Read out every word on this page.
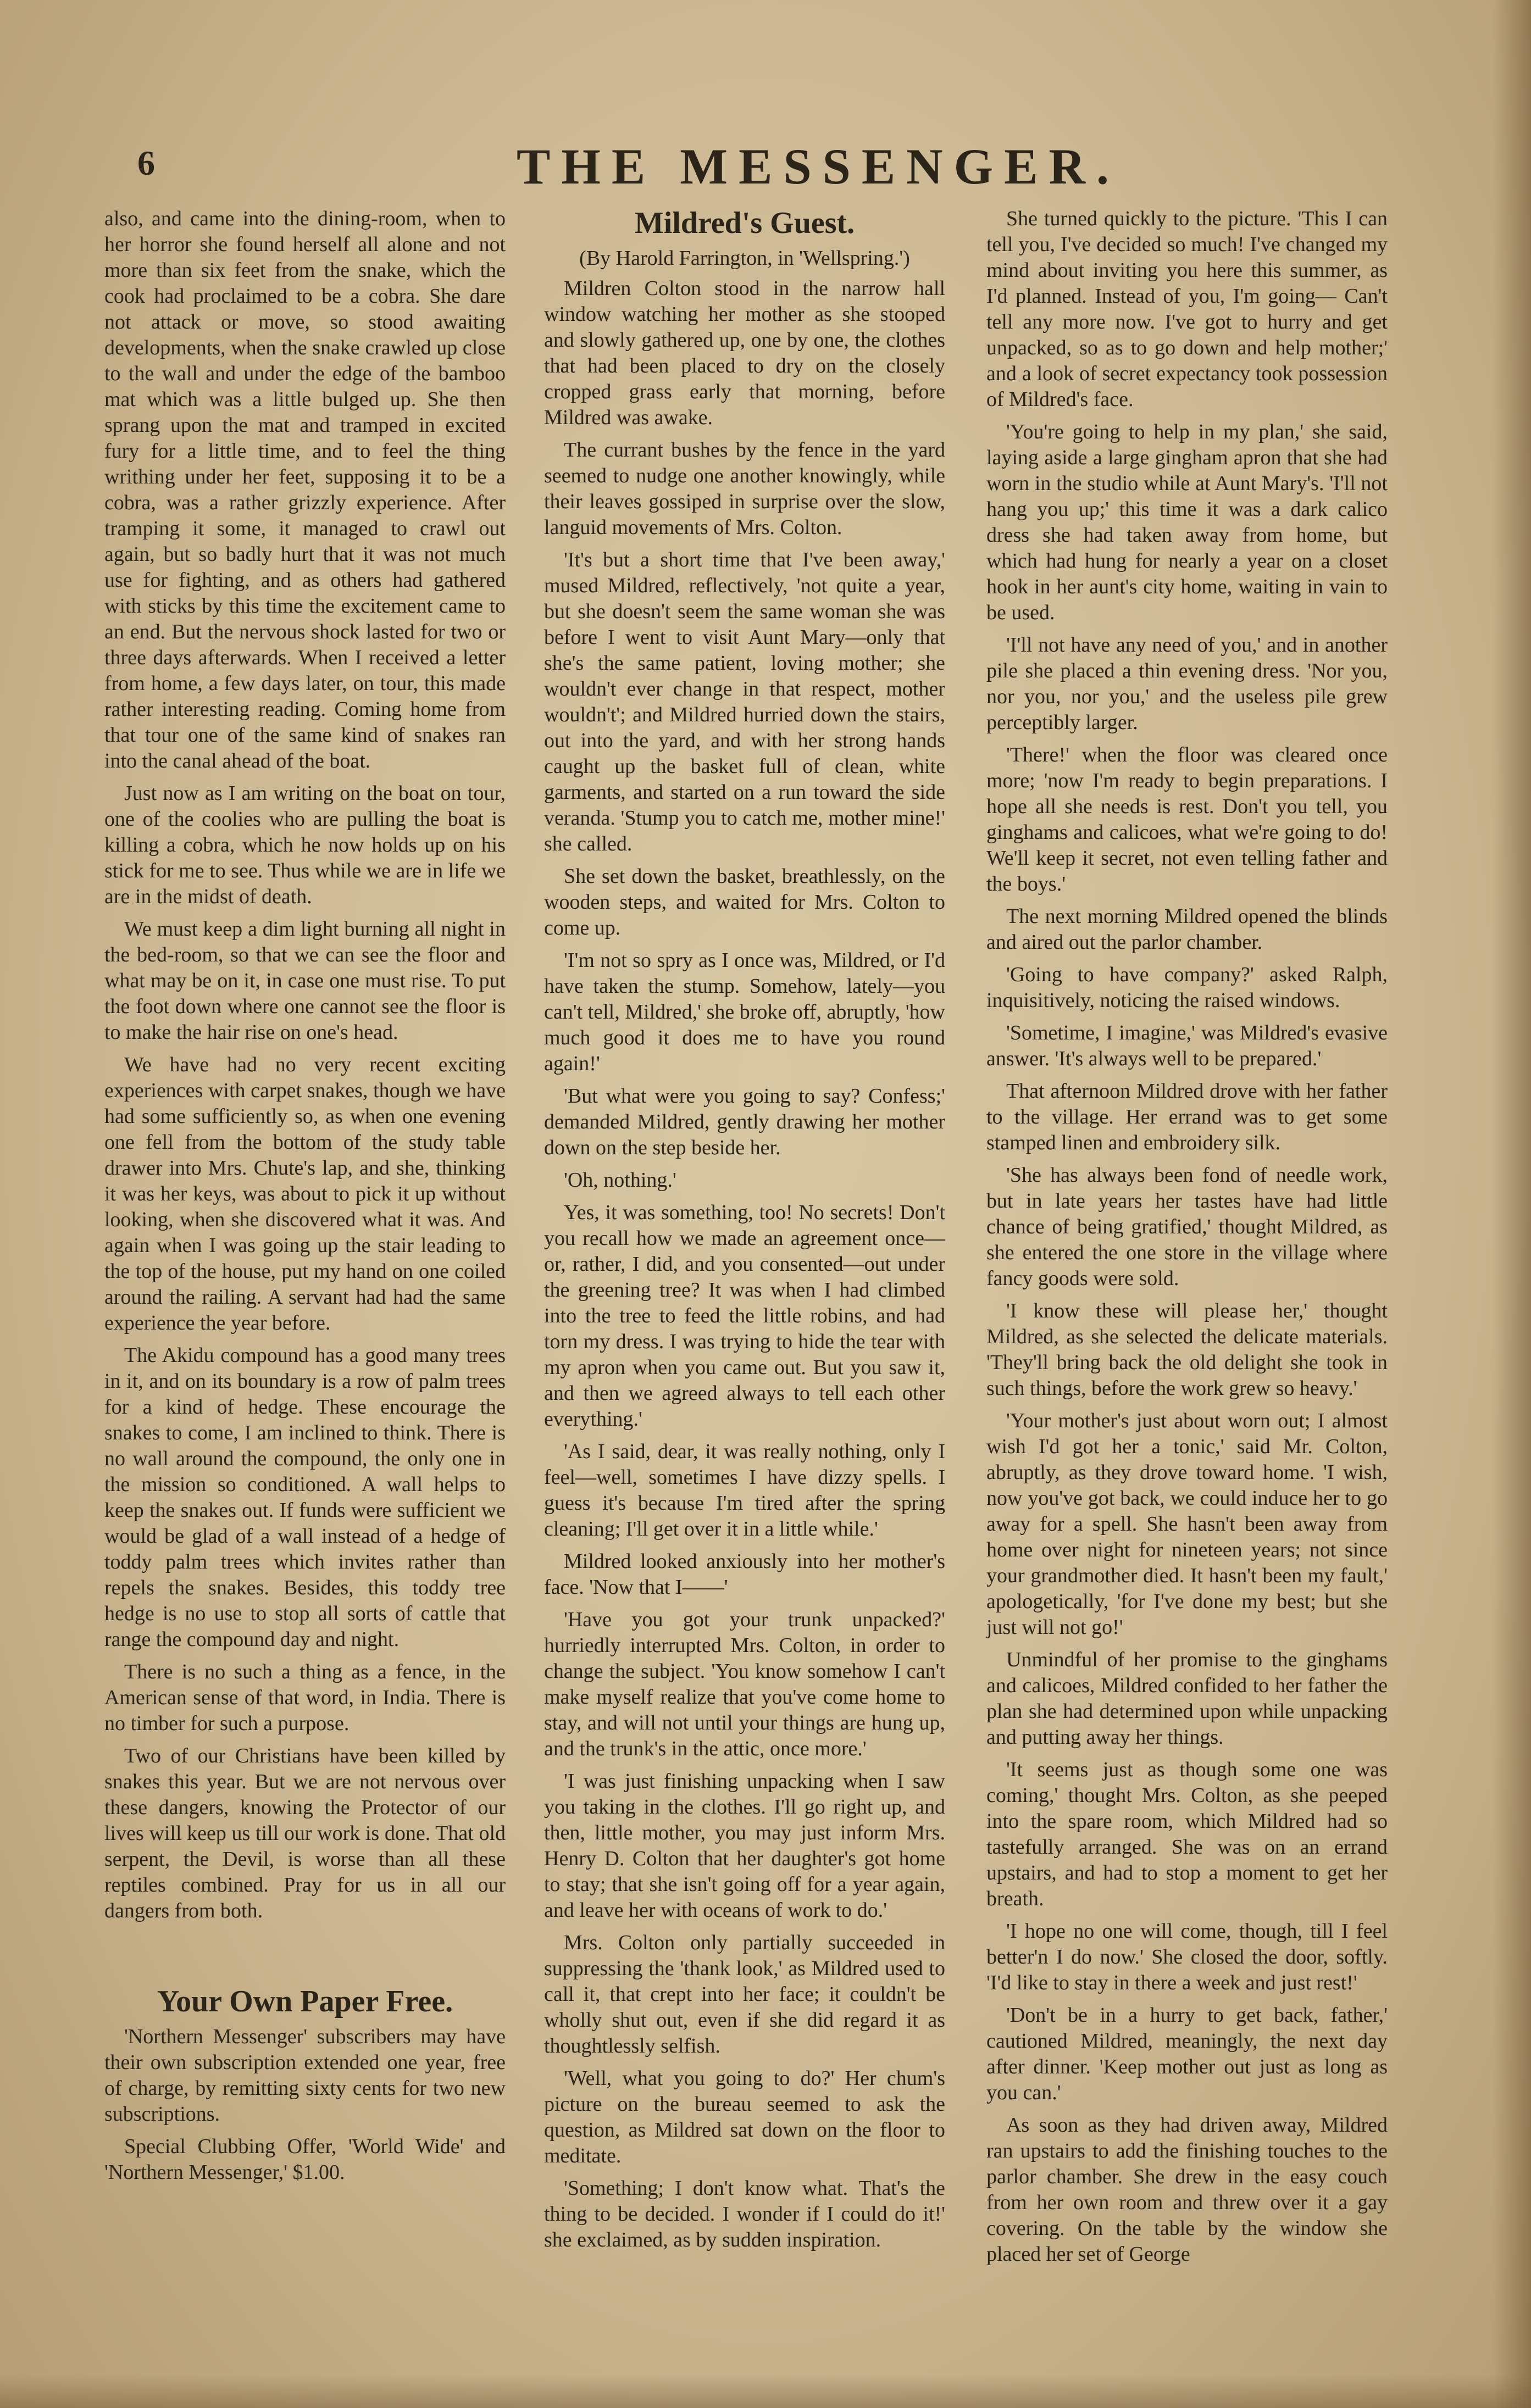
6	THE MESSENGER.

also, and came into the dining-room, when to her horror she found herself all alone and not more than six feet from the snake, which the cook had proclaimed to be a cobra. She dare not attack or move, so stood awaiting developments, when the snake crawled up close to the wall and under the edge of the bamboo mat which was a little bulged up. She then sprang upon the mat and tramped in excited fury for a little time, and to feel the thing writhing under her feet, supposing it to be a cobra, was a rather grizzly experience. After tramping it some, it managed to crawl out again, but so badly hurt that it was not much use for fighting, and as others had gathered with sticks by this time the excitement came to an end. But the nervous shock lasted for two or three days afterwards. When I received a letter from home, a few days later, on tour, this made rather interesting reading. Coming home from that tour one of the same kind of snakes ran into the canal ahead of the boat.

Just now as I am writing on the boat on tour, one of the coolies who are pulling the boat is killing a cobra, which he now holds up on his stick for me to see. Thus while we are in life we are in the midst of death.

We must keep a dim light burning all night in the bed-room, so that we can see the floor and what may be on it, in case one must rise. To put the foot down where one cannot see the floor is to make the hair rise on one's head.

We have had no very recent exciting experiences with carpet snakes, though we have had some sufficiently so, as when one evening one fell from the bottom of the study table drawer into Mrs. Chute's lap, and she, thinking it was her keys, was about to pick it up without looking, when she discovered what it was. And again when I was going up the stair leading to the top of the house, put my hand on one coiled around the railing. A servant had had the same experience the year before.

The Akidu compound has a good many trees in it, and on its boundary is a row of palm trees for a kind of hedge. These encourage the snakes to come, I am inclined to think. There is no wall around the compound, the only one in the mission so conditioned. A wall helps to keep the snakes out. If funds were sufficient we would be glad of a wall instead of a hedge of toddy palm trees which invites rather than repels the snakes. Besides, this toddy tree hedge is no use to stop all sorts of cattle that range the compound day and night.

There is no such a thing as a fence, in the American sense of that word, in India. There is no timber for such a purpose.

Two of our Christians have been killed by snakes this year. But we are not nervous over these dangers, knowing the Protector of our lives will keep us till our work is done. That old serpent, the Devil, is worse than all these reptiles combined. Pray for us in all our dangers from both.

Your Own Paper Free.

'Northern Messenger' subscribers may have their own subscription extended one year, free of charge, by remitting sixty cents for two new subscriptions.

Special Clubbing Offer, 'World Wide' and 'Northern Messenger,' $1.00.

Mildred's Guest.
(By Harold Farrington, in 'Wellspring.')

Mildren Colton stood in the narrow hall window watching her mother as she stooped and slowly gathered up, one by one, the clothes that had been placed to dry on the closely cropped grass early that morning, before Mildred was awake.

The currant bushes by the fence in the yard seemed to nudge one another knowingly, while their leaves gossiped in surprise over the slow, languid movements of Mrs. Colton.

'It's but a short time that I've been away,' mused Mildred, reflectively, 'not quite a year, but she doesn't seem the same woman she was before I went to visit Aunt Mary—only that she's the same patient, loving mother; she wouldn't ever change in that respect, mother wouldn't'; and Mildred hurried down the stairs, out into the yard, and with her strong hands caught up the basket full of clean, white garments, and started on a run toward the side veranda. 'Stump you to catch me, mother mine!' she called.

She set down the basket, breathlessly, on the wooden steps, and waited for Mrs. Colton to come up.

'I'm not so spry as I once was, Mildred, or I'd have taken the stump. Somehow, lately—you can't tell, Mildred,' she broke off, abruptly, 'how much good it does me to have you round again!'

'But what were you going to say? Confess;' demanded Mildred, gently drawing her mother down on the step beside her.

'Oh, nothing.'

Yes, it was something, too! No secrets! Don't you recall how we made an agreement once—or, rather, I did, and you consented—out under the greening tree? It was when I had climbed into the tree to feed the little robins, and had torn my dress. I was trying to hide the tear with my apron when you came out. But you saw it, and then we agreed always to tell each other everything.'

'As I said, dear, it was really nothing, only I feel—well, sometimes I have dizzy spells. I guess it's because I'm tired after the spring cleaning; I'll get over it in a little while.'

Mildred looked anxiously into her mother's face. 'Now that I——'

'Have you got your trunk unpacked?' hurriedly interrupted Mrs. Colton, in order to change the subject. 'You know somehow I can't make myself realize that you've come home to stay, and will not until your things are hung up, and the trunk's in the attic, once more.'

'I was just finishing unpacking when I saw you taking in the clothes. I'll go right up, and then, little mother, you may just inform Mrs. Henry D. Colton that her daughter's got home to stay; that she isn't going off for a year again, and leave her with oceans of work to do.'

Mrs. Colton only partially succeeded in suppressing the 'thank look,' as Mildred used to call it, that crept into her face; it couldn't be wholly shut out, even if she did regard it as thoughtlessly selfish.

'Well, what you going to do?' Her chum's picture on the bureau seemed to ask the question, as Mildred sat down on the floor to meditate.

'Something; I don't know what. That's the thing to be decided. I wonder if I could do it!' she exclaimed, as by sudden inspiration.

She turned quickly to the picture. 'This I can tell you, I've decided so much! I've changed my mind about inviting you here this summer, as I'd planned. Instead of you, I'm going— Can't tell any more now. I've got to hurry and get unpacked, so as to go down and help mother;' and a look of secret expectancy took possession of Mildred's face.

'You're going to help in my plan,' she said, laying aside a large gingham apron that she had worn in the studio while at Aunt Mary's. 'I'll not hang you up;' this time it was a dark calico dress she had taken away from home, but which had hung for nearly a year on a closet hook in her aunt's city home, waiting in vain to be used.

'I'll not have any need of you,' and in another pile she placed a thin evening dress. 'Nor you, nor you, nor you,' and the useless pile grew perceptibly larger.

'There!' when the floor was cleared once more; 'now I'm ready to begin preparations. I hope all she needs is rest. Don't you tell, you ginghams and calicoes, what we're going to do! We'll keep it secret, not even telling father and the boys.'

The next morning Mildred opened the blinds and aired out the parlor chamber.

'Going to have company?' asked Ralph, inquisitively, noticing the raised windows.

'Sometime, I imagine,' was Mildred's evasive answer. 'It's always well to be prepared.'

That afternoon Mildred drove with her father to the village. Her errand was to get some stamped linen and embroidery silk.

'She has always been fond of needle work, but in late years her tastes have had little chance of being gratified,' thought Mildred, as she entered the one store in the village where fancy goods were sold.

'I know these will please her,' thought Mildred, as she selected the delicate materials. 'They'll bring back the old delight she took in such things, before the work grew so heavy.'

'Your mother's just about worn out; I almost wish I'd got her a tonic,' said Mr. Colton, abruptly, as they drove toward home. 'I wish, now you've got back, we could induce her to go away for a spell. She hasn't been away from home over night for nineteen years; not since your grandmother died. It hasn't been my fault,' apologetically, 'for I've done my best; but she just will not go!'

Unmindful of her promise to the ginghams and calicoes, Mildred confided to her father the plan she had determined upon while unpacking and putting away her things.

'It seems just as though some one was coming,' thought Mrs. Colton, as she peeped into the spare room, which Mildred had so tastefully arranged. She was on an errand upstairs, and had to stop a moment to get her breath.

'I hope no one will come, though, till I feel better'n I do now.' She closed the door, softly. 'I'd like to stay in there a week and just rest!'

'Don't be in a hurry to get back, father,' cautioned Mildred, meaningly, the next day after dinner. 'Keep mother out just as long as you can.'

As soon as they had driven away, Mildred ran upstairs to add the finishing touches to the parlor chamber. She drew in the easy couch from her own room and threw over it a gay covering. On the table by the window she placed her set of George
